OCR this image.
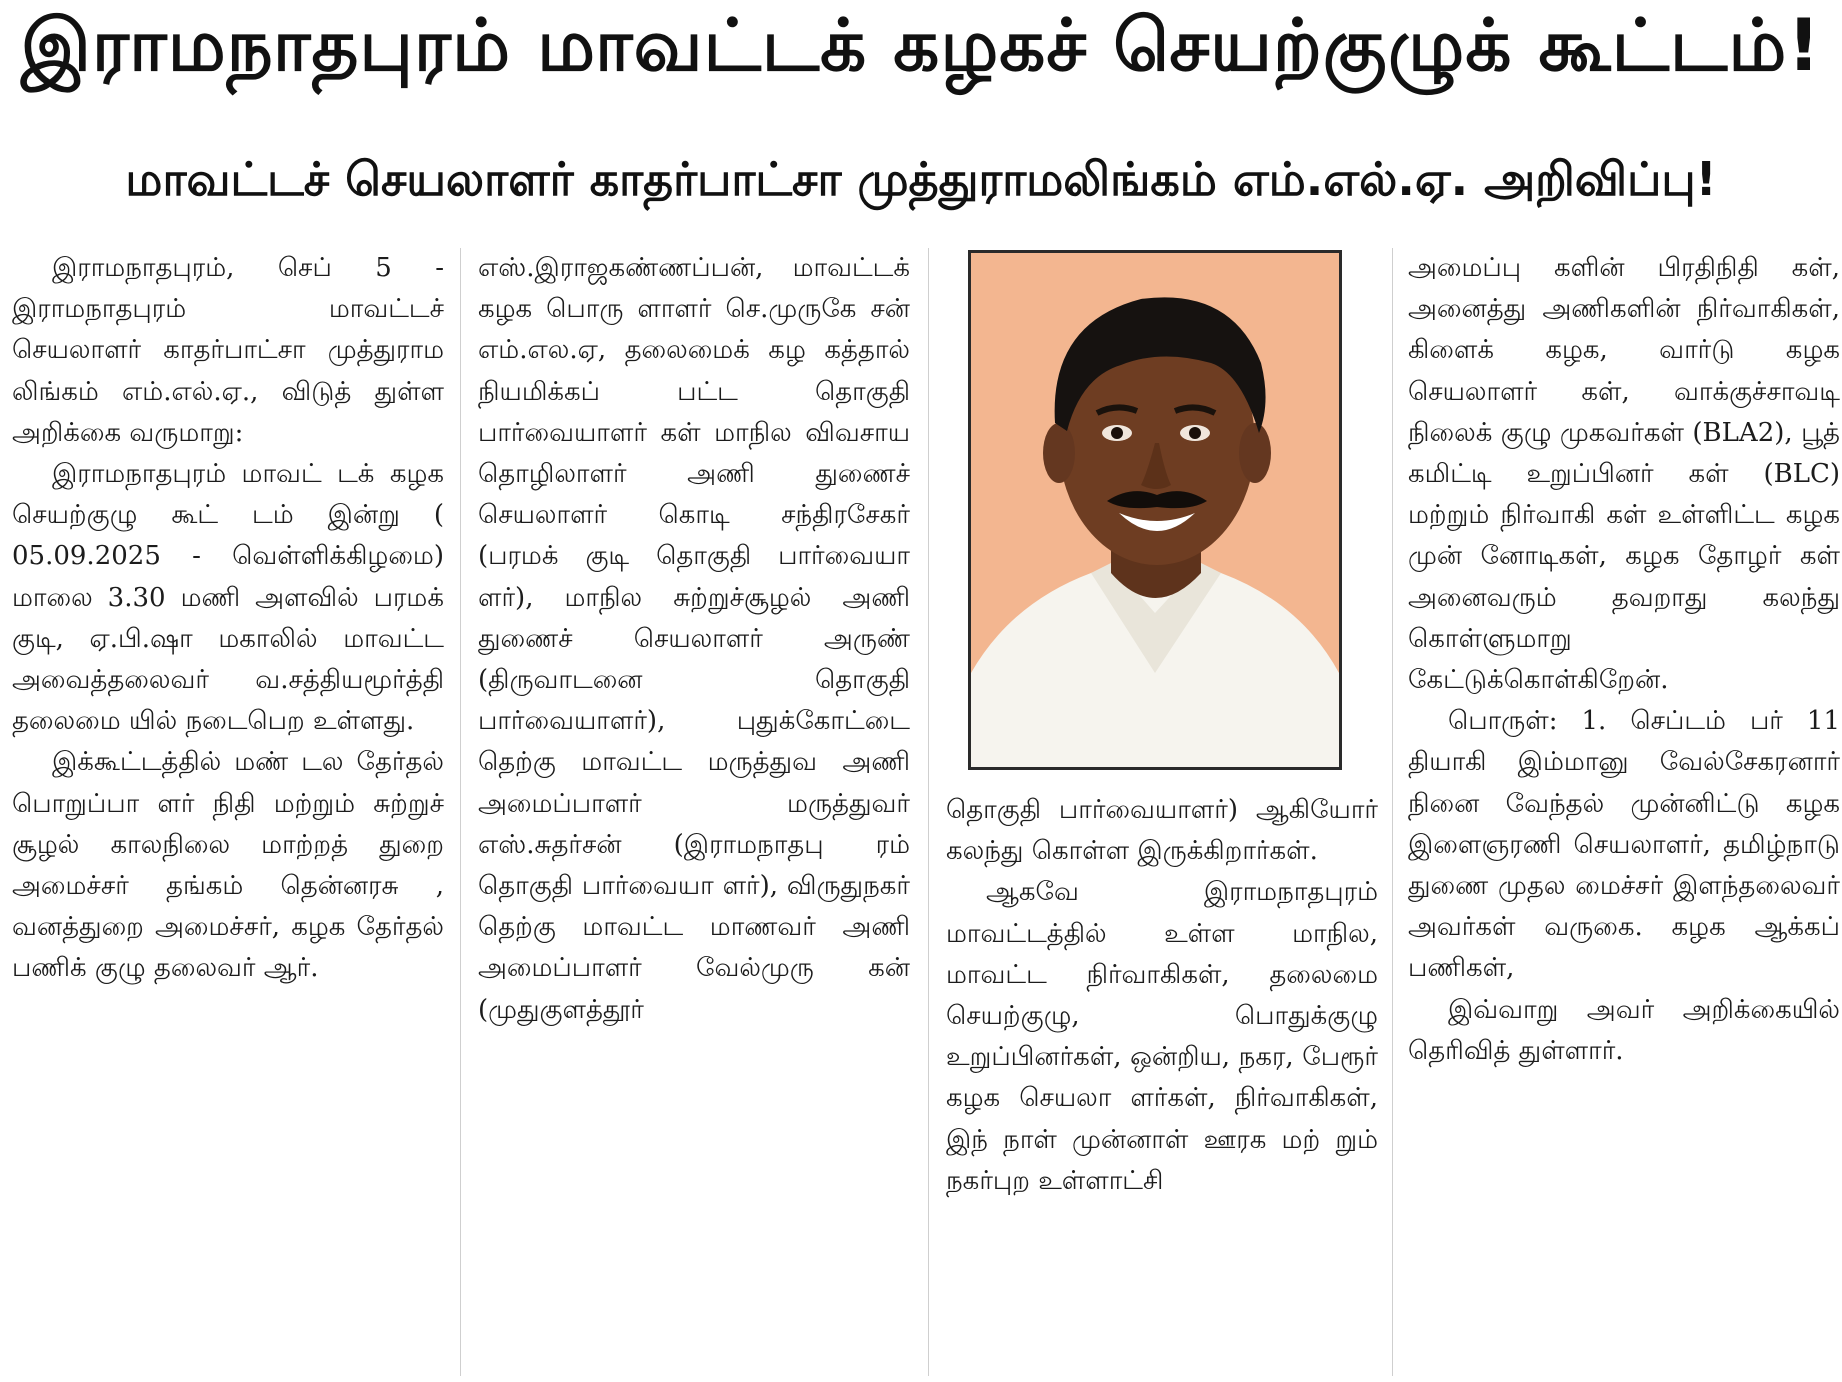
இராமநாதபுரம் மாவட்டக் கழகச் செயற்குழுக் கூட்டம்!
மாவட்டச் செயலாளர் காதர்பாட்சா முத்துராமலிங்கம் எம்.எல்.ஏ. அறிவிப்பு!

இராமநாதபுரம், செப் 5 - இராமநாதபுரம் மாவட்டச் செயலாளர் காதர்பாட்சா முத்துராம லிங்கம் எம்.எல்.ஏ., விடுத் துள்ள அறிக்கை வருமாறு:

இராமநாதபுரம் மாவட் டக் கழக செயற்குழு கூட் டம் இன்று ( 05.09.2025 - வெள்ளிக்கிழமை) மாலை 3.30 மணி அளவில் பரமக் குடி, ஏ.பி.ஷா மகாலில் மாவட்ட அவைத்தலைவர் வ.சத்தியமூர்த்தி தலைமை யில் நடைபெற உள்ளது.

இக்கூட்டத்தில் மண் டல தேர்தல் பொறுப்பா ளர் நிதி மற்றும் சுற்றுச் சூழல் காலநிலை மாற்றத் துறை அமைச்சர் தங்கம் தென்னரசு , வனத்துறை அமைச்சர், கழக தேர்தல் பணிக் குழு தலைவர் ஆர்.

எஸ்.இராஜகண்ணப்பன், மாவட்டக் கழக பொரு ளாளர் செ.முருகே சன் எம்.எல.ஏ, தலைமைக் கழ கத்தால் நியமிக்கப் பட்ட தொகுதி பார்வையாளர் கள் மாநில விவசாய தொழிலாளர் அணி துணைச் செயலாளர் கொடி சந்திரசேகர் (பரமக் குடி தொகுதி பார்வையா ளர்), மாநில சுற்றுச்சூழல் அணி துணைச் செயலாளர் அருண் (திருவாடனை தொகுதி பார்வையாளர்), புதுக்கோட்டை தெற்கு மாவட்ட மருத்துவ அணி அமைப்பாளர் மருத்துவர் எஸ்.சுதர்சன் (இராமநாதபு ரம் தொகுதி பார்வையா ளர்), விருதுநகர் தெற்கு மாவட்ட மாணவர் அணி அமைப்பாளர் வேல்முரு கன் (முதுகுளத்தூர்

தொகுதி பார்வையாளர்) ஆகியோர் கலந்து கொள்ள இருக்கிறார்கள்.

ஆகவே இராமநாதபுரம் மாவட்டத்தில் உள்ள மாநில, மாவட்ட நிர்வாகிகள், தலைமை செயற்குழு, பொதுக்குழு உறுப்பினர்கள், ஒன்றிய, நகர, பேரூர் கழக செயலா ளர்கள், நிர்வாகிகள், இந் நாள் முன்னாள் ஊரக மற் றும் நகர்புற உள்ளாட்சி

அமைப்பு களின் பிரதிநிதி கள், அனைத்து அணிகளின் நிர்வாகிகள், கிளைக் கழக, வார்டு கழக செயலாளர் கள், வாக்குச்சாவடி நிலைக் குழு முகவர்கள் (BLA2), பூத் கமிட்டி உறுப்பினர் கள் (BLC) மற்றும் நிர்வாகி கள் உள்ளிட்ட கழக முன் னோடிகள், கழக தோழர் கள் அனைவரும் தவறாது கலந்து கொள்ளுமாறு கேட்டுக்கொள்கிறேன்.

பொருள்: 1. செப்டம் பர் 11 தியாகி இம்மானு வேல்சேகரனார் நினை வேந்தல் முன்னிட்டு கழக இளைஞரணி செயலாளர், தமிழ்நாடு துணை முதல மைச்சர் இளந்தலைவர் அவர்கள் வருகை. கழக ஆக்கப் பணிகள்,

இவ்வாறு அவர் அறிக்கையில் தெரிவித் துள்ளார்.
